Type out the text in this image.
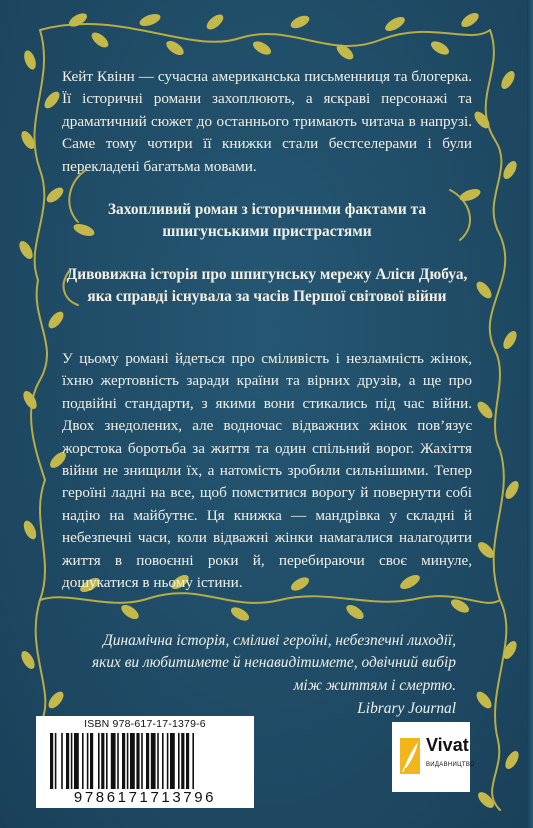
Кейт Квінн — сучасна американська письменниця та блогерка. Її історичні романи захоплюють, а яскраві персонажі та драматичний сюжет до останнього тримають читача в напрузі. Саме тому чотири її книжки стали бестселерами і були перекладені багатьма мовами.

Захопливий роман з історичними фактами та шпигунськими пристрастями

Дивовижна історія про шпигунську мережу Аліси Дюбуа, яка справді існувала за часів Першої світової війни

У цьому романі йдеться про сміливість і незламність жінок, їхню жертовність заради країни та вірних друзів, а ще про подвійні стандарти, з якими вони стикались під час війни. Двох знедолених, але водночас відважних жінок пов’язує жорстока боротьба за життя та один спільний ворог. Жахіття війни не знищили їх, а натомість зробили сильнішими. Тепер героїні ладні на все, щоб помститися ворогу й повернути собі надію на майбутнє. Ця книжка — мандрівка у складні й небезпечні часи, коли відважні жінки намагалися налагодити життя в повоєнні роки й, перебираючи своє минуле, дошукатися в ньому істини.

Динамічна історія, сміливі героїні, небезпечні лиходії, яких ви любитимете й ненавидітимете, одвічний вибір між життям і смертю.

Library Journal

ISBN 978-617-17-1379-6
9786171713796
Vivat
ВИДАВНИЦТВО
